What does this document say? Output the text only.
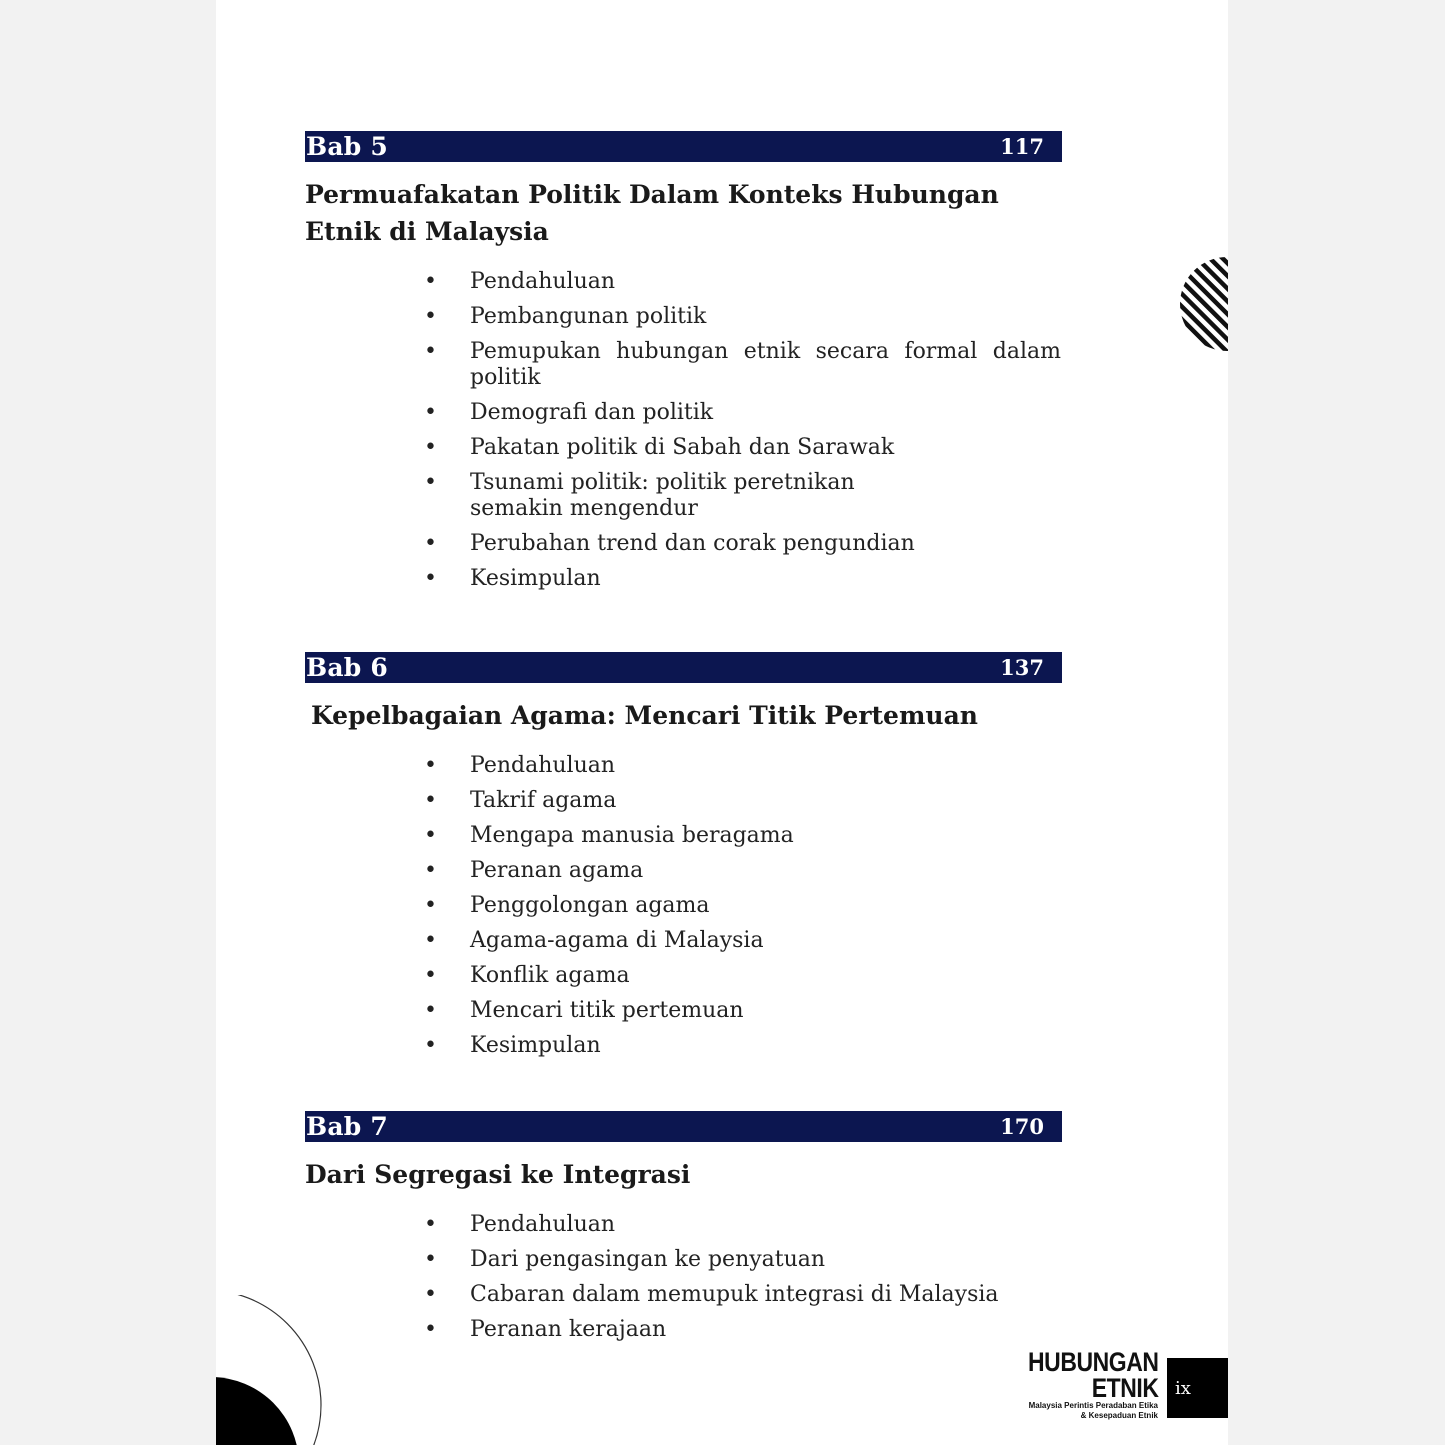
Bab 5	117
Permuafakatan Politik Dalam Konteks Hubungan
Etnik di Malaysia
• Pendahuluan
• Pembangunan politik
• Pemupukan hubungan etnik secara formal dalam politik
• Demografi dan politik
• Pakatan politik di Sabah dan Sarawak
• Tsunami politik: politik peretnikan semakin mengendur
• Perubahan trend dan corak pengundian
• Kesimpulan
Bab 6	137
Kepelbagaian Agama: Mencari Titik Pertemuan
• Pendahuluan
• Takrif agama
• Mengapa manusia beragama
• Peranan agama
• Penggolongan agama
• Agama-agama di Malaysia
• Konflik agama
• Mencari titik pertemuan
• Kesimpulan
Bab 7	170
Dari Segregasi ke Integrasi
• Pendahuluan
• Dari pengasingan ke penyatuan
• Cabaran dalam memupuk integrasi di Malaysia
• Peranan kerajaan
HUBUNGAN
ETNIK
Malaysia Perintis Peradaban Etika
& Kesepaduan Etnik
ix
